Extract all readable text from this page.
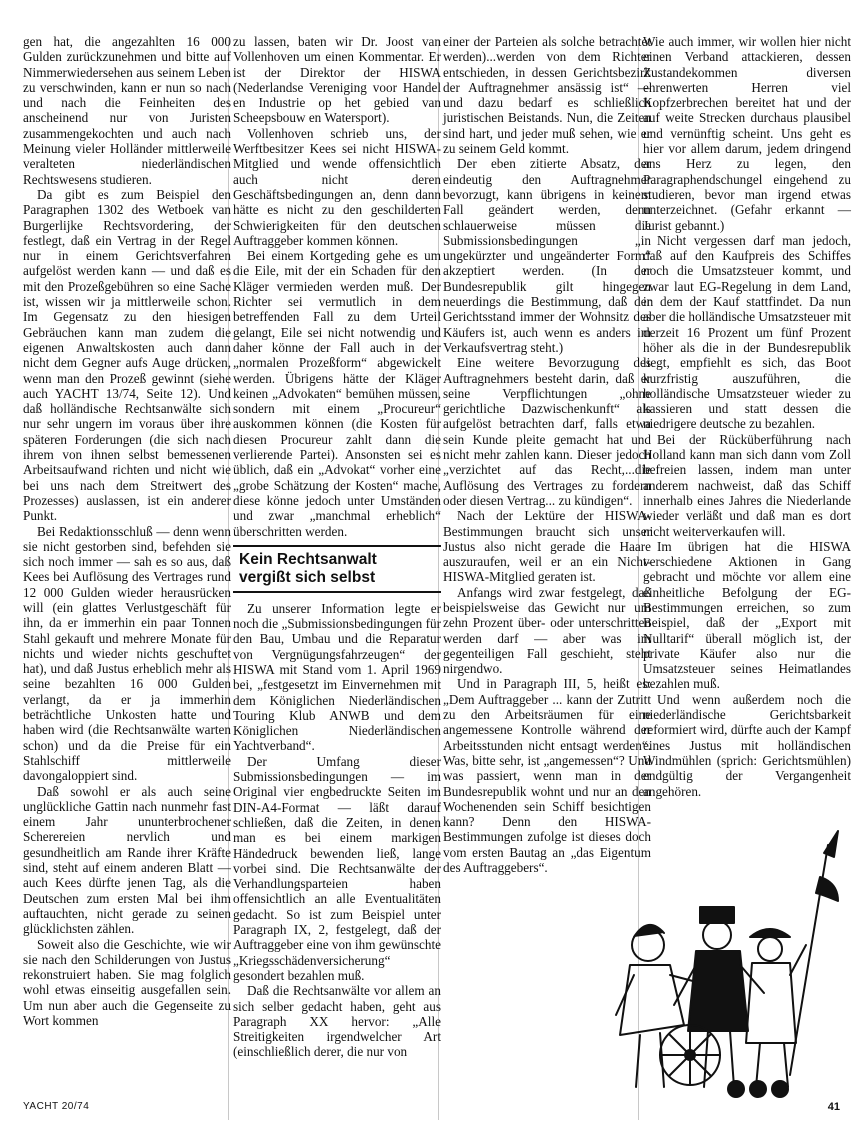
gen hat, die angezahlten 16 000 Gulden zurückzunehmen und bitte auf Nimmerwiedersehen aus seinem Leben zu verschwinden, kann er nun so nach und nach die Feinheiten des anscheinend nur von Juristen zusammengekochten und auch nach Meinung vieler Holländer mittlerweile veralteten niederländischen Rechtswesens studieren.

Da gibt es zum Beispiel den Paragraphen 1302 des Wetboek van Burgerlijke Rechtsvordering, der festlegt, daß ein Vertrag in der Regel nur in einem Gerichtsverfahren aufgelöst werden kann — und daß es mit den Prozeßgebühren so eine Sache ist, wissen wir ja mittlerweile schon. Im Gegensatz zu den hiesigen Gebräuchen kann man zudem die eigenen Anwaltskosten auch dann nicht dem Gegner aufs Auge drücken, wenn man den Prozeß gewinnt (siehe auch YACHT 13/74, Seite 12). Und daß holländische Rechtsanwälte sich nur sehr ungern im voraus über ihre späteren Forderungen (die sich nach ihrem von ihnen selbst bemessenen Arbeitsaufwand richten und nicht wie bei uns nach dem Streitwert des Prozesses) auslassen, ist ein anderer Punkt.

Bei Redaktionsschluß — denn wenn sie nicht gestorben sind, befehden sie sich noch immer — sah es so aus, daß Kees bei Auflösung des Vertrages rund 12 000 Gulden wieder herausrücken will (ein glattes Verlustgeschäft für ihn, da er immerhin ein paar Tonnen Stahl gekauft und mehrere Monate für nichts und wieder nichts geschuftet hat), und daß Justus erheblich mehr als seine bezahlten 16 000 Gulden verlangt, da er ja immerhin beträchtliche Unkosten hatte und haben wird (die Rechtsanwälte warten schon) und da die Preise für ein Stahlschiff mittlerweile davongaloppiert sind.

Daß sowohl er als auch seine unglückliche Gattin nach nunmehr fast einem Jahr ununterbrochener Scherereien nervlich und gesundheitlich am Rande ihrer Kräfte sind, steht auf einem anderen Blatt — auch Kees dürfte jenen Tag, als die Deutschen zum ersten Mal bei ihm auftauchten, nicht gerade zu seinen glücklichsten zählen.

Soweit also die Geschichte, wie wir sie nach den Schilderungen von Justus rekonstruiert haben. Sie mag folglich wohl etwas einseitig ausgefallen sein. Um nun aber auch die Gegenseite zu Wort kommen

zu lassen, baten wir Dr. Joost van Vollenhoven um einen Kommentar. Er ist der Direktor der HISWA (Nederlandse Vereniging voor Handel en Industrie op het gebied van Scheepsbouw en Watersport).

Vollenhoven schrieb uns, der Werftbesitzer Kees sei nicht HISWA-Mitglied und wende offensichtlich auch nicht deren Geschäftsbedingungen an, denn dann hätte es nicht zu den geschilderten Schwierigkeiten für den deutschen Auftraggeber kommen können.

Bei einem Kortgeding gehe es um die Eile, mit der ein Schaden für den Kläger vermieden werden muß. Der Richter sei vermutlich in dem betreffenden Fall zu dem Urteil gelangt, Eile sei nicht notwendig und daher könne der Fall auch in der „normalen Prozeßform“ abgewickelt werden. Übrigens hätte der Kläger keinen „Advokaten“ bemühen müssen, sondern mit einem „Procureur“ auskommen können (die Kosten für diesen Procureur zahlt dann die verlierende Partei). Ansonsten sei es üblich, daß ein „Advokat“ vorher eine „grobe Schätzung der Kosten“ mache, diese könne jedoch unter Umständen und zwar „manchmal erheblich“ überschritten werden.

Kein Rechtsanwalt
vergißt sich selbst

Zu unserer Information legte er noch die „Submissionsbedingungen für den Bau, Umbau und die Reparatur von Vergnügungsfahrzeugen“ der HISWA mit Stand vom 1. April 1969 bei, „festgesetzt im Einvernehmen mit dem Königlichen Niederländischen Touring Klub ANWB und dem Königlichen Niederländischen Yachtverband“.

Der Umfang dieser Submissionsbedingungen — im Original vier engbedruckte Seiten im DIN-A4-Format — läßt darauf schließen, daß die Zeiten, in denen man es bei einem markigen Händedruck bewenden ließ, lange vorbei sind. Die Rechtsanwälte der Verhandlungsparteien haben offensichtlich an alle Eventualitäten gedacht. So ist zum Beispiel unter Paragraph IX, 2, festgelegt, daß der Auftraggeber eine von ihm gewünschte „Kriegsschädenversicherung“ gesondert bezahlen muß.

Daß die Rechtsanwälte vor allem an sich selber gedacht haben, geht aus Paragraph XX hervor: „Alle Streitigkeiten irgendwelcher Art (einschließlich derer, die nur von

einer der Parteien als solche betrachtet werden)...werden von dem Richter entschieden, in dessen Gerichtsbezirk der Auftragnehmer ansässig ist“ — und dazu bedarf es schließlich juristischen Beistands. Nun, die Zeiten sind hart, und jeder muß sehen, wie er zu seinem Geld kommt.

Der eben zitierte Absatz, der eindeutig den Auftragnehmer bevorzugt, kann übrigens in keinem Fall geändert werden, denn schlauerweise müssen die Submissionsbedingungen „in ungekürzter und ungeänderter Form“ akzeptiert werden. (In der Bundesrepublik gilt hingegen neuerdings die Bestimmung, daß der Gerichtsstand immer der Wohnsitz des Käufers ist, auch wenn es anders im Verkaufsvertrag steht.)

Eine weitere Bevorzugung des Auftragnehmers besteht darin, daß er seine Verpflichtungen „ohne gerichtliche Dazwischenkunft“ als aufgelöst betrachten darf, falls etwa sein Kunde pleite gemacht hat und nicht mehr zahlen kann. Dieser jedoch „verzichtet auf das Recht,...die Auflösung des Vertrages zu fordern oder diesen Vertrag... zu kündigen“.

Nach der Lektüre der HISWA-Bestimmungen braucht sich unser Justus also nicht gerade die Haare auszuraufen, weil er an ein Nicht-HISWA-Mitglied geraten ist.

Anfangs wird zwar festgelegt, daß beispielsweise das Gewicht nur um zehn Prozent über- oder unterschritten werden darf — aber was im gegenteiligen Fall geschieht, steht nirgendwo.

Und in Paragraph III, 5, heißt es: „Dem Auftraggeber ... kann der Zutritt zu den Arbeitsräumen für eine angemessene Kontrolle während der Arbeitsstunden nicht entsagt werden“. Was, bitte sehr, ist „angemessen“? Und was passiert, wenn man in der Bundesrepublik wohnt und nur an den Wochenenden sein Schiff besichtigen kann? Denn den HISWA-Bestimmungen zufolge ist dieses doch vom ersten Bautag an „das Eigentum des Auftraggebers“.

Wie auch immer, wir wollen hier nicht einen Verband attackieren, dessen Zustandekommen diversen ehrenwerten Herren viel Kopfzerbrechen bereitet hat und der auf weite Strecken durchaus plausibel und vernünftig scheint. Uns geht es hier vor allem darum, jedem dringend ans Herz zu legen, den Paragraphendschungel eingehend zu studieren, bevor man irgend etwas unterzeichnet. (Gefahr erkannt — Jurist gebannt.)

Nicht vergessen darf man jedoch, daß auf den Kaufpreis des Schiffes noch die Umsatzsteuer kommt, und zwar laut EG-Regelung in dem Land, in dem der Kauf stattfindet. Da nun aber die holländische Umsatzsteuer mit derzeit 16 Prozent um fünf Prozent höher als die in der Bundesrepublik liegt, empfiehlt es sich, das Boot kurzfristig auszuführen, die holländische Umsatzsteuer wieder zu kassieren und statt dessen die niedrigere deutsche zu bezahlen.

Bei der Rücküberführung nach Holland kann man sich dann vom Zoll befreien lassen, indem man unter anderem nachweist, daß das Schiff innerhalb eines Jahres die Niederlande wieder verläßt und daß man es dort nicht weiterverkaufen will.

Im übrigen hat die HISWA verschiedene Aktionen in Gang gebracht und möchte vor allem eine einheitliche Befolgung der EG-Bestimmungen erreichen, so zum Beispiel, daß der „Export mit Nulltarif“ überall möglich ist, der private Käufer also nur die Umsatzsteuer seines Heimatlandes bezahlen muß.

Und wenn außerdem noch die niederländische Gerichtsbarkeit reformiert wird, dürfte auch der Kampf eines Justus mit holländischen Windmühlen (sprich: Gerichtsmühlen) endgültig der Vergangenheit angehören.

YACHT 20/74	41
